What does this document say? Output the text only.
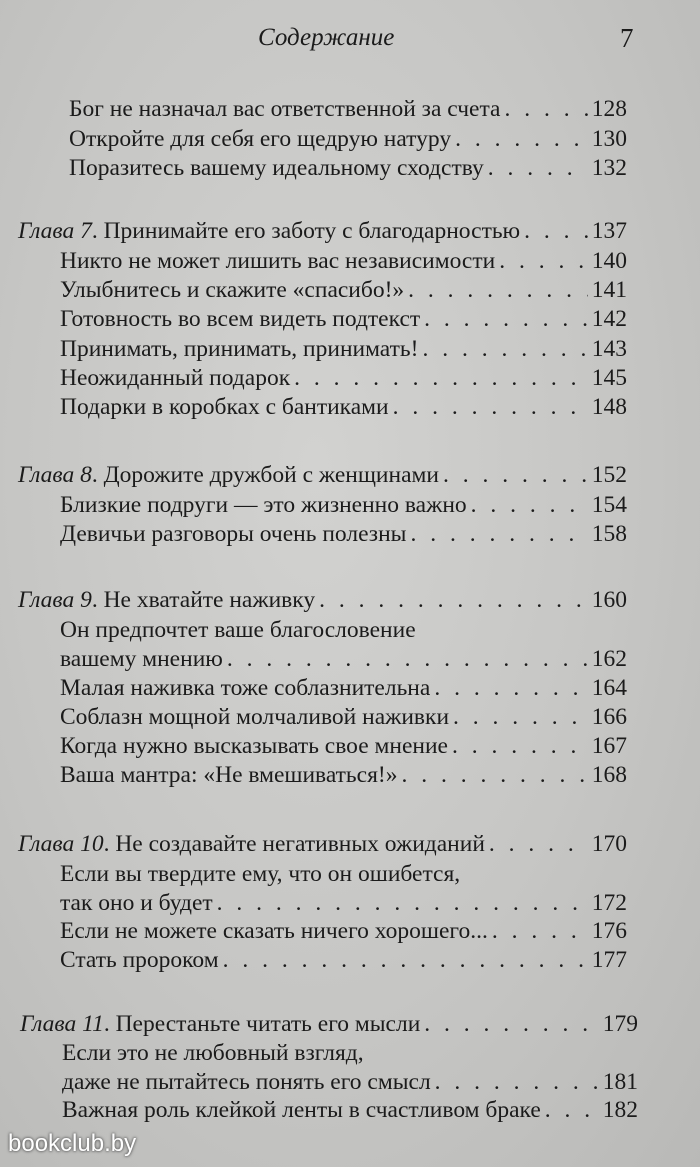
Содержание	7
Бог не назначал вас ответственной за счета . . .	128
Откройте для себя его щедрую натуру . . .	130
Поразитесь вашему идеальному сходству . . .	132
Глава 7. Принимайте его заботу с благодарностью . . .	137
Никто не может лишить вас независимости . . .	140
Улыбнитесь и скажите «спасибо!» . . .	141
Готовность во всем видеть подтекст . . .	142
Принимать, принимать, принимать! . . .	143
Неожиданный подарок . . .	145
Подарки в коробках с бантиками . . .	148
Глава 8. Дорожите дружбой с женщинами . . .	152
Близкие подруги — это жизненно важно . . .	154
Девичьи разговоры очень полезны . . .	158
Глава 9. Не хватайте наживку . . .	160
Он предпочтет ваше благословение
вашему мнению . . .	162
Малая наживка тоже соблазнительна . . .	164
Соблазн мощной молчаливой наживки . . .	166
Когда нужно высказывать свое мнение . . .	167
Ваша мантра: «Не вмешиваться!» . . .	168
Глава 10. Не создавайте негативных ожиданий . . .	170
Если вы твердите ему, что он ошибется,
так оно и будет . . .	172
Если не можете сказать ничего хорошего... . . .	176
Стать пророком . . .	177
Глава 11. Перестаньте читать его мысли . . .	179
Если это не любовный взгляд,
даже не пытайтесь понять его смысл . . .	181
Важная роль клейкой ленты в счастливом браке . . .	182
bookclub.by
